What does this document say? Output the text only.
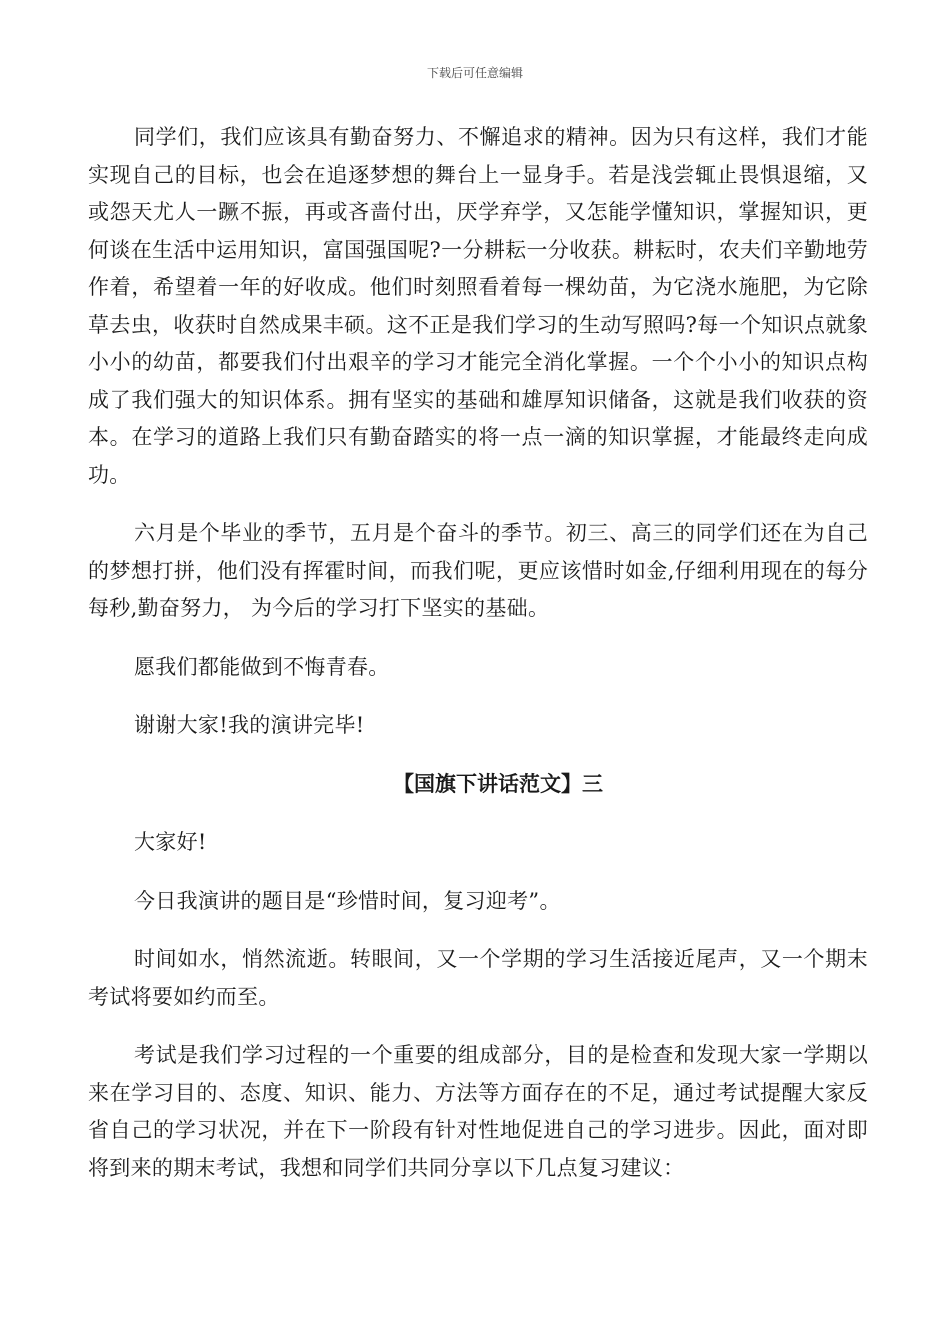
下载后可任意编辑

同学们，我们应该具有勤奋努力、不懈追求的精神。因为只有这样，我们才能实现自己的目标，也会在追逐梦想的舞台上一显身手。若是浅尝辄止畏惧退缩，又或怨天尤人一蹶不振，再或吝啬付出，厌学弃学，又怎能学懂知识，掌握知识，更何谈在生活中运用知识，富国强国呢?一分耕耘一分收获。耕耘时，农夫们辛勤地劳作着，希望着一年的好收成。他们时刻照看着每一棵幼苗，为它浇水施肥，为它除草去虫，收获时自然成果丰硕。这不正是我们学习的生动写照吗?每一个知识点就象小小的幼苗，都要我们付出艰辛的学习才能完全消化掌握。一个个小小的知识点构成了我们强大的知识体系。拥有坚实的基础和雄厚知识储备，这就是我们收获的资本。在学习的道路上我们只有勤奋踏实的将一点一滴的知识掌握，才能最终走向成功。

六月是个毕业的季节，五月是个奋斗的季节。初三、高三的同学们还在为自己的梦想打拼，他们没有挥霍时间，而我们呢，更应该惜时如金,仔细利用现在的每分每秒,勤奋努力， 为今后的学习打下坚实的基础。

愿我们都能做到不悔青春。

谢谢大家!我的演讲完毕!

【国旗下讲话范文】三

大家好!

今日我演讲的题目是“珍惜时间，复习迎考”。

时间如水，悄然流逝。转眼间，又一个学期的学习生活接近尾声，又一个期末考试将要如约而至。

考试是我们学习过程的一个重要的组成部分，目的是检查和发现大家一学期以来在学习目的、态度、知识、能力、方法等方面存在的不足，通过考试提醒大家反省自己的学习状况，并在下一阶段有针对性地促进自己的学习进步。因此，面对即将到来的期末考试，我想和同学们共同分享以下几点复习建议：
